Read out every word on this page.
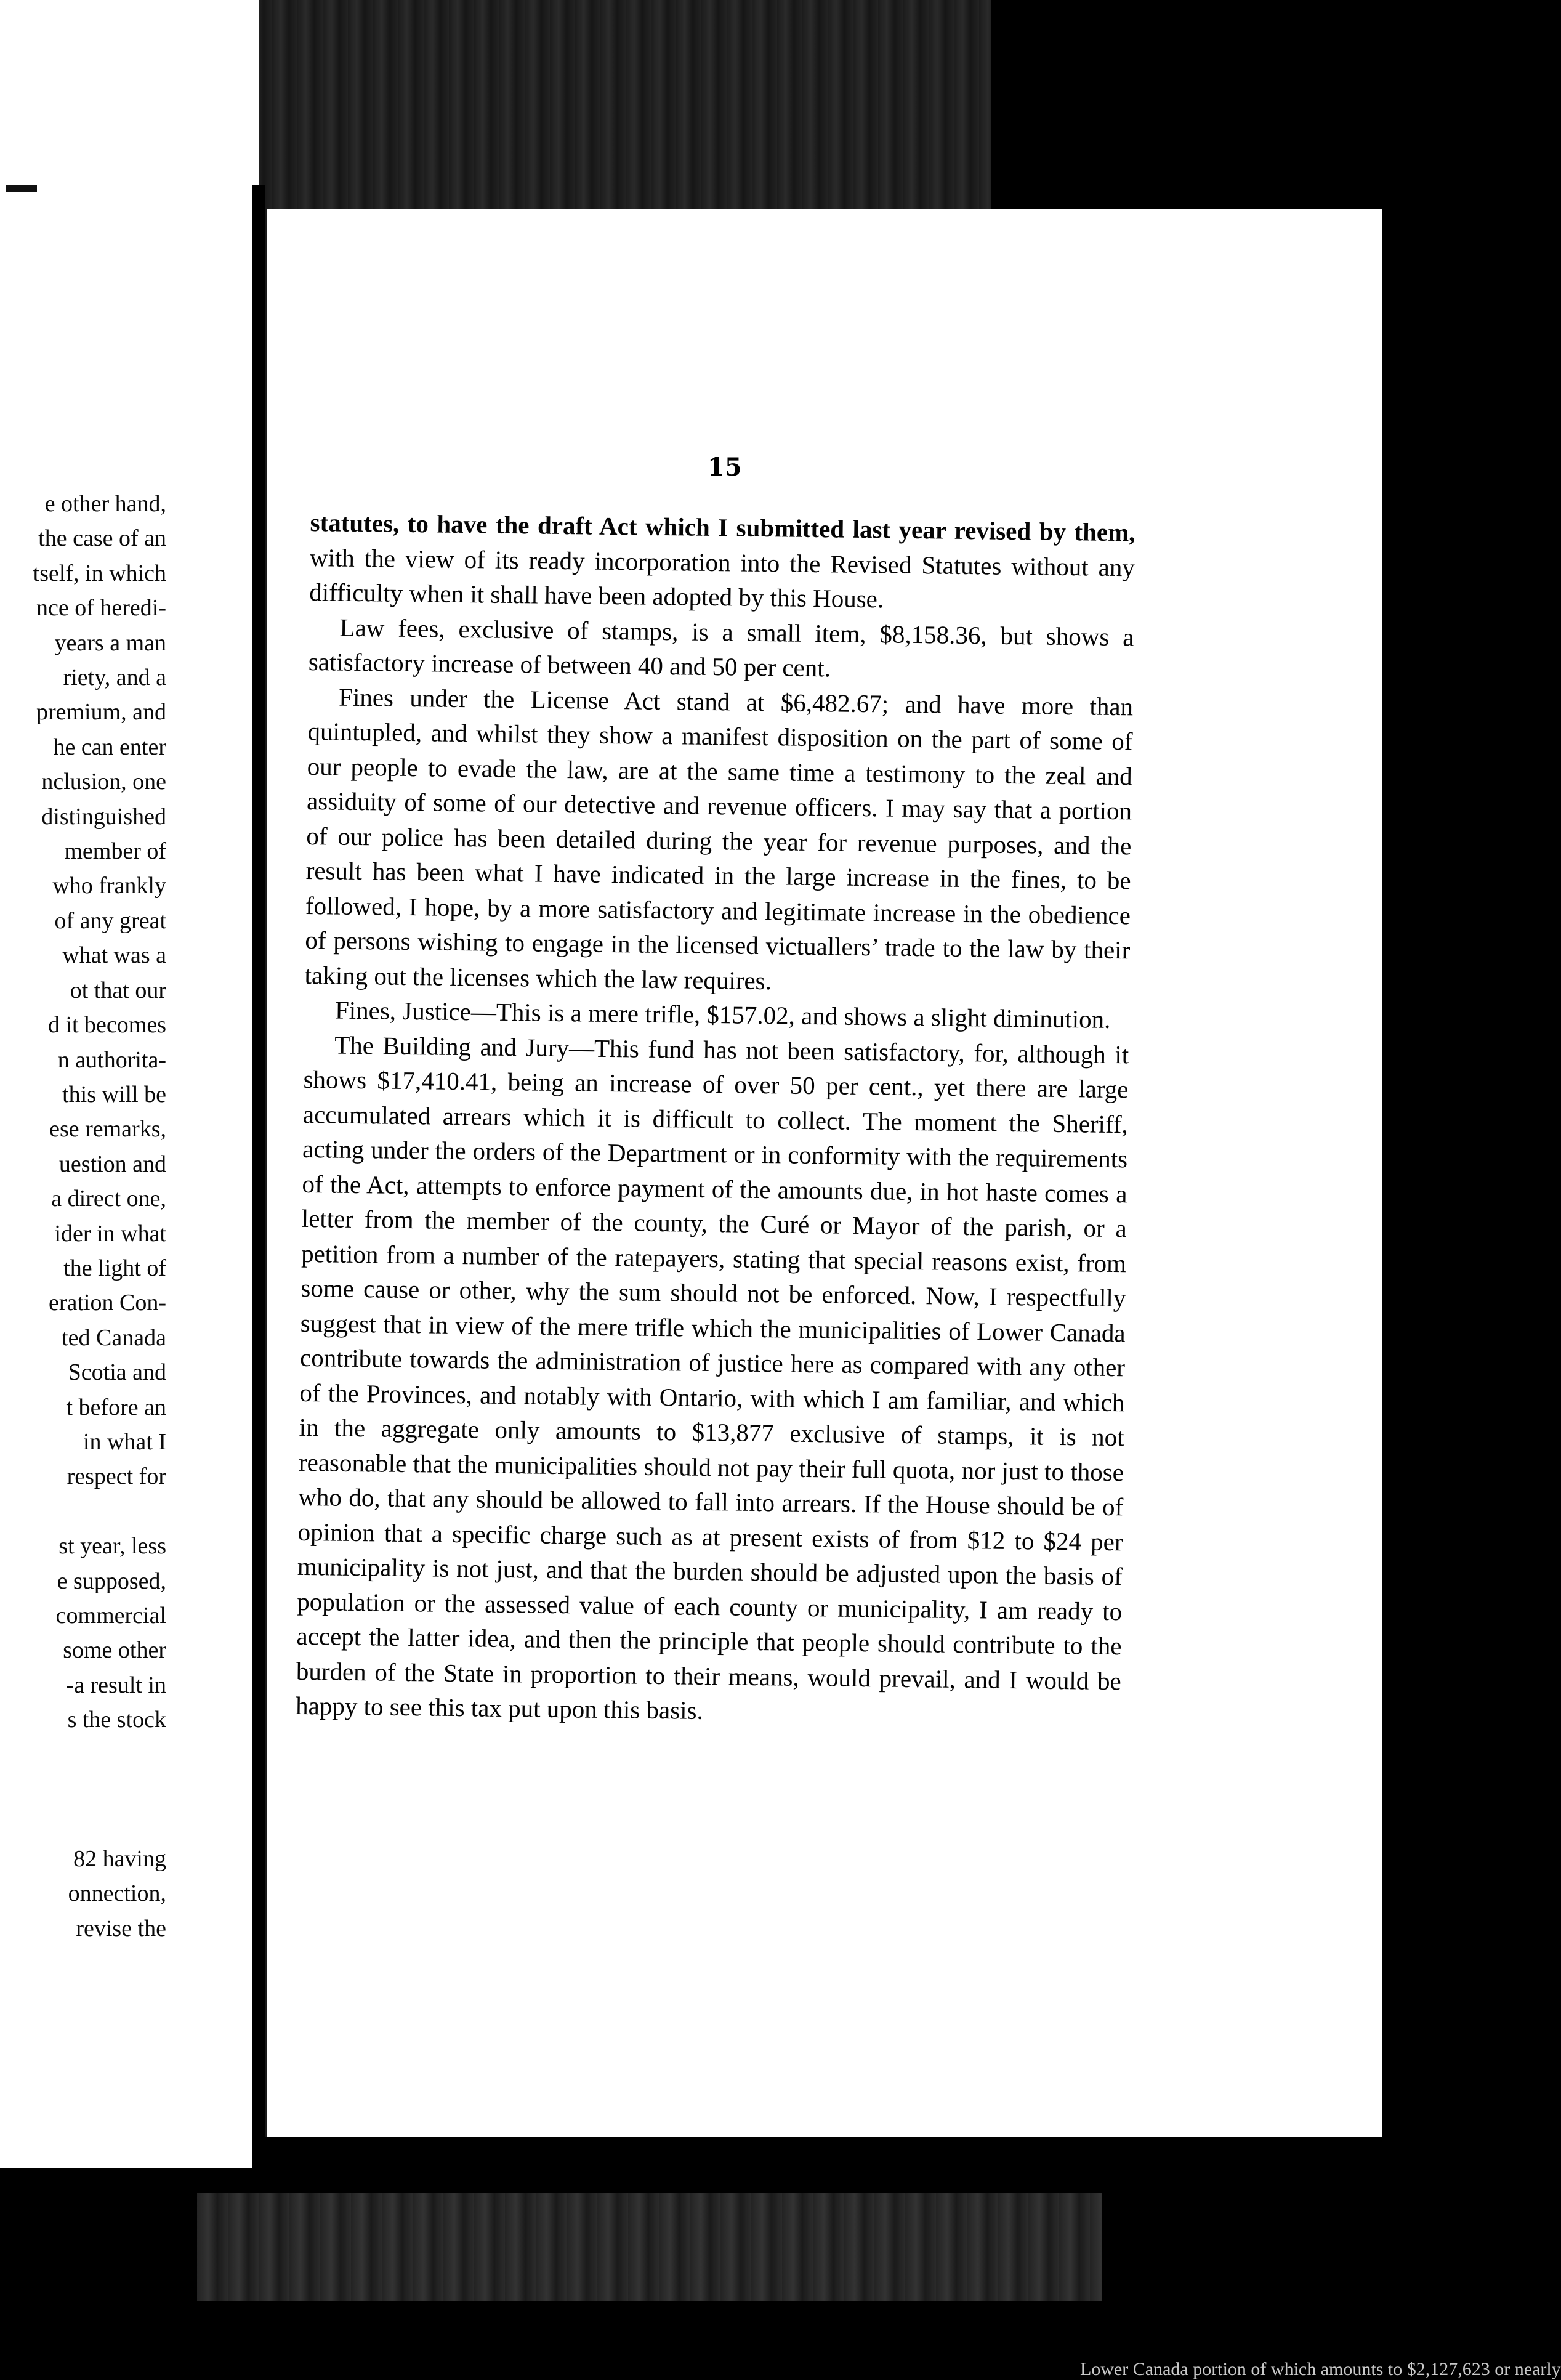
e other hand,
the case of an
tself, in which
nce of heredi-
years a man
riety, and a
premium, and
he can enter
nclusion, one
distinguished
member of
who frankly
of any great
what was a
ot that our
d it becomes
n authorita-
this will be
ese remarks,
uestion and
a direct one,
ider in what
the light of
eration Con-
ted Canada
Scotia and
t before an
in what I
respect for
st year, less
e supposed,
commercial
some other
-a result in
s the stock
82 having
onnection,
revise the
15
Lower Canada portion of which amounts to $2,127,623 or nearly

statutes, to have the draft Act which I submitted last year revised by them, with the view of its ready incorporation into the Revised Statutes without any difficulty when it shall have been adopted by this House.

Law fees, exclusive of stamps, is a small item, $8,158.36, but shows a satisfactory increase of between 40 and 50 per cent.

Fines under the License Act stand at $6,482.67; and have more than quintupled, and whilst they show a manifest disposition on the part of some of our people to evade the law, are at the same time a testimony to the zeal and assiduity of some of our detective and revenue officers. I may say that a portion of our police has been detailed during the year for revenue purposes, and the result has been what I have indicated in the large increase in the fines, to be followed, I hope, by a more satisfactory and legitimate increase in the obedience of persons wishing to engage in the licensed victuallers’ trade to the law by their taking out the licenses which the law requires.

Fines, Justice—This is a mere trifle, $157.02, and shows a slight diminution.

The Building and Jury—This fund has not been satisfactory, for, although it shows $17,410.41, being an increase of over 50 per cent., yet there are large accumulated arrears which it is difficult to collect. The moment the Sheriff, acting under the orders of the Department or in conformity with the requirements of the Act, attempts to enforce payment of the amounts due, in hot haste comes a letter from the member of the county, the Curé or Mayor of the parish, or a petition from a number of the ratepayers, stating that special reasons exist, from some cause or other, why the sum should not be enforced. Now, I respectfully suggest that in view of the mere trifle which the municipalities of Lower Canada contribute towards the administration of justice here as compared with any other of the Provinces, and notably with Ontario, with which I am familiar, and which in the aggregate only amounts to $13,877 exclusive of stamps, it is not reasonable that the municipalities should not pay their full quota, nor just to those who do, that any should be allowed to fall into arrears. If the House should be of opinion that a specific charge such as at present exists of from $12 to $24 per municipality is not just, and that the burden should be adjusted upon the basis of population or the assessed value of each county or municipality, I am ready to accept the latter idea, and then the principle that people should contribute to the burden of the State in proportion to their means, would prevail, and I would be happy to see this tax put upon this basis.
